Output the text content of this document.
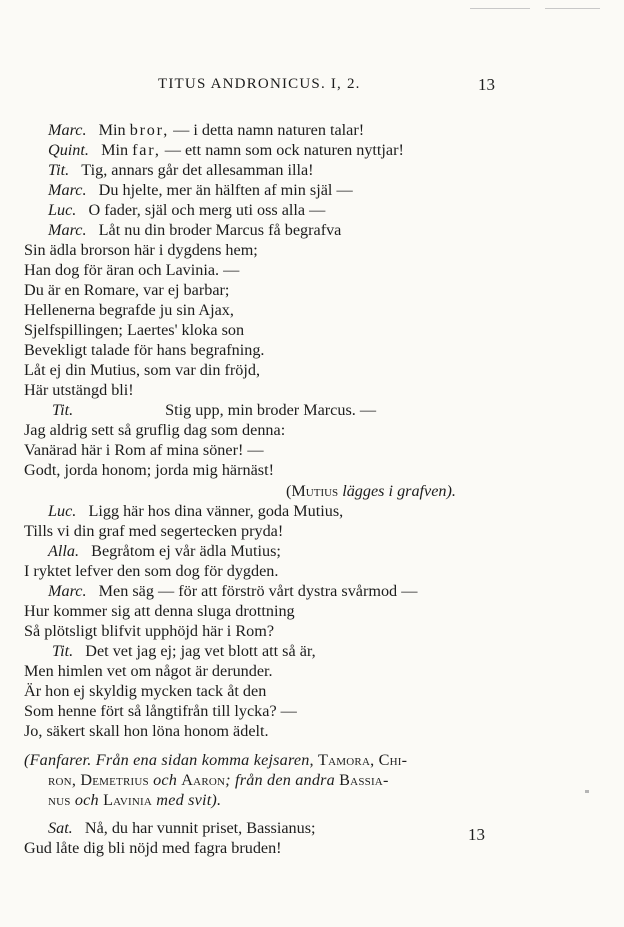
TITUS ANDRONICUS. I, 2.	13
Marc. Min bror, — i detta namn naturen talar!
Quint. Min far, — ett namn som ock naturen nyttjar!
Tit. Tig, annars går det allesamman illa!
Marc. Du hjelte, mer än hälften af min själ —
Luc. O fader, själ och merg uti oss alla —
Marc. Låt nu din broder Marcus få begrafva
Sin ädla brorson här i dygdens hem;
Han dog för äran och Lavinia. —
Du är en Romare, var ej barbar;
Hellenerna begrafde ju sin Ajax,
Sjelfspillingen; Laertes' kloka son
Bevekligt talade för hans begrafning.
Låt ej din Mutius, som var din fröjd,
Här utstängd bli!
Tit.	Stig upp, min broder Marcus. —
Jag aldrig sett så gruflig dag som denna:
Vanärad här i Rom af mina söner! —
Godt, jorda honom; jorda mig härnäst!
(Mutius lägges i grafven).
Luc. Ligg här hos dina vänner, goda Mutius,
Tills vi din graf med segertecken pryda!
Alla. Begråtom ej vår ädla Mutius;
I ryktet lefver den som dog för dygden.
Marc. Men säg — för att förströ vårt dystra svårmod —
Hur kommer sig att denna sluga drottning
Så plötsligt blifvit upphöjd här i Rom?
Tit. Det vet jag ej; jag vet blott att så är,
Men himlen vet om något är derunder.
Är hon ej skyldig mycken tack åt den
Som henne fört så långtifrån till lycka? —
Jo, säkert skall hon löna honom ädelt.
(Fanfarer. Från ena sidan komma kejsaren, Tamora, Chi-
ron, Demetrius och Aaron; från den andra Bassia-
nus och Lavinia med svit).
Sat. Nå, du har vunnit priset, Bassianus;
Gud låte dig bli nöjd med fagra bruden!
13
